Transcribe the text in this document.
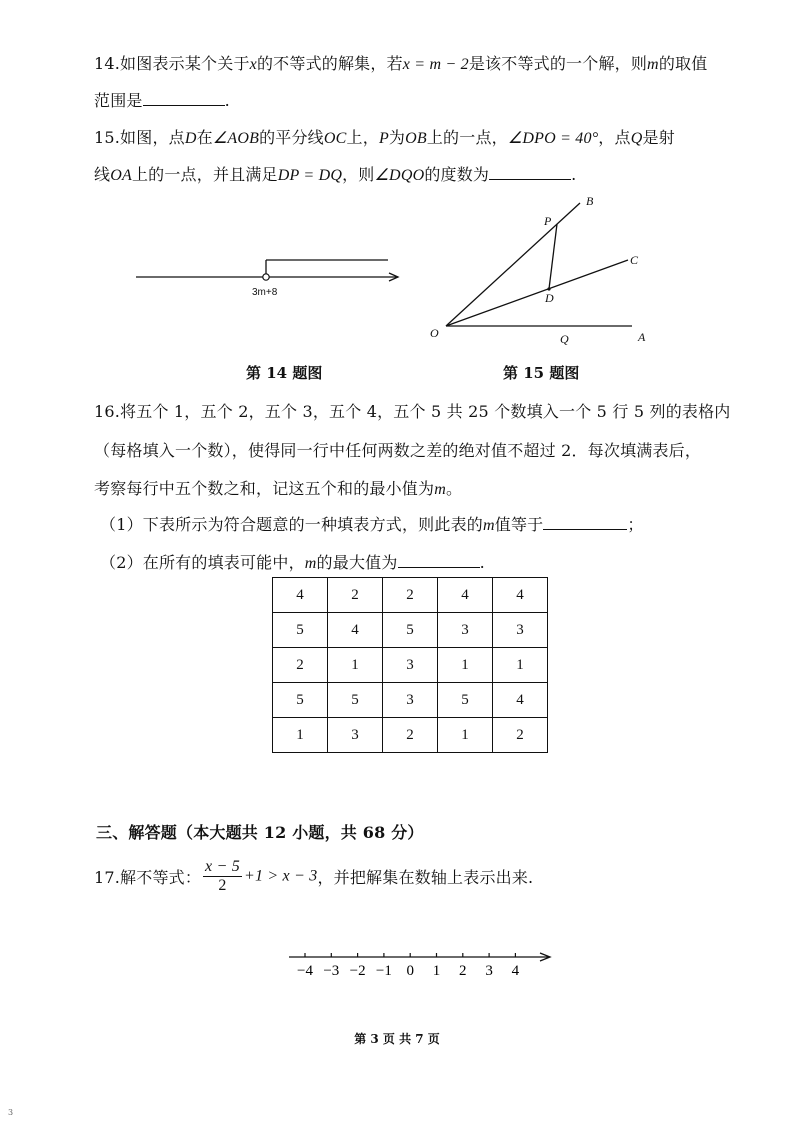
14.如图表示某个关于x的不等式的解集，若x = m − 2是该不等式的一个解，则m的取值
范围是	.
15.如图，点D在∠AOB的平分线OC上，P为OB上的一点，∠DPO = 40°，点Q是射
线OA上的一点，并且满足DP = DQ，则∠DQO的度数为	.
3m+8
B
P
C
D
O	Q	A
第 14 题图	第 15 题图
16.将五个 1，五个 2，五个 3，五个 4，五个 5 共 25 个数填入一个 5 行 5 列的表格内
（每格填入一个数），使得同一行中任何两数之差的绝对值不超过 2．每次填满表后，
考察每行中五个数之和，记这五个和的最小值为m。
（1）下表所示为符合题意的一种填表方式，则此表的m值等于	；
（2）在所有的填表可能中，m的最大值为	.
4	2	2	4	4
5	4	5	3	3
2	1	3	1	1
5	5	3	5	4
1	3	2	1	2
三、解答题（本大题共 12 小题，共 68 分）
17.解不等式： $\frac{x - 5}{2} +1 > x - 3$，并把解集在数轴上表示出来.
−4 −3 −2 −1 0 1 2 3 4
第 3 页 共 7 页
3
